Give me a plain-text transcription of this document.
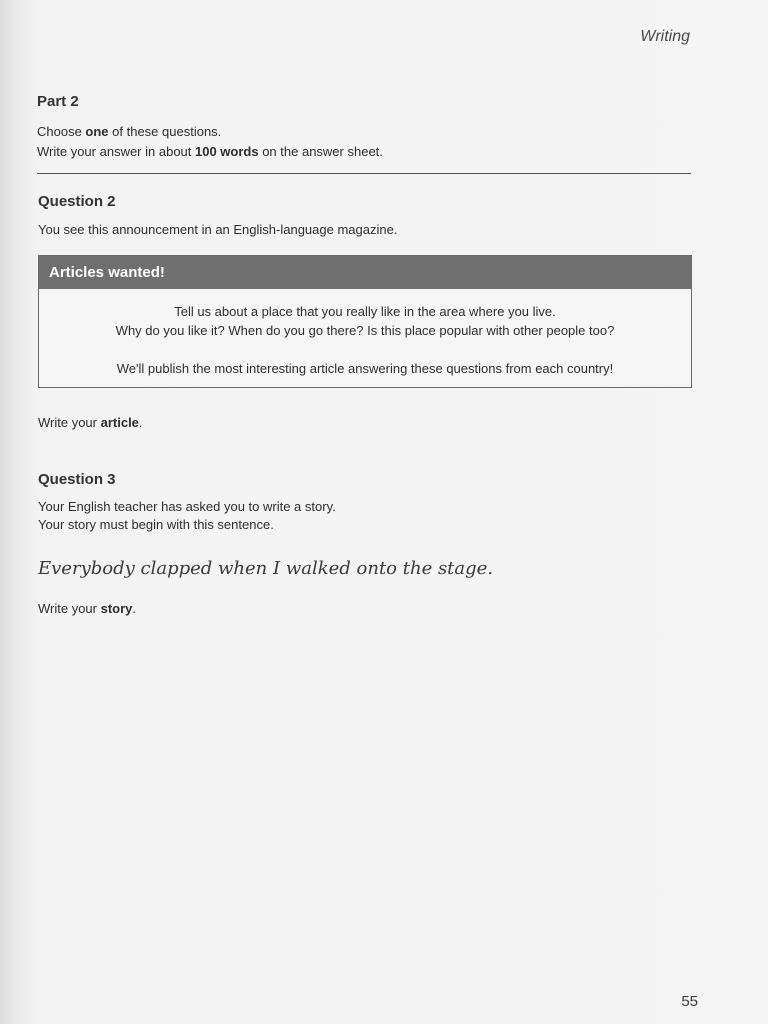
Writing
Part 2
Choose one of these questions.
Write your answer in about 100 words on the answer sheet.
Question 2
You see this announcement in an English-language magazine.
Articles wanted!
Tell us about a place that you really like in the area where you live.
Why do you like it? When do you go there? Is this place popular with other people too?
We'll publish the most interesting article answering these questions from each country!
Write your article.
Question 3
Your English teacher has asked you to write a story.
Your story must begin with this sentence.
Everybody clapped when I walked onto the stage.
Write your story.
55
